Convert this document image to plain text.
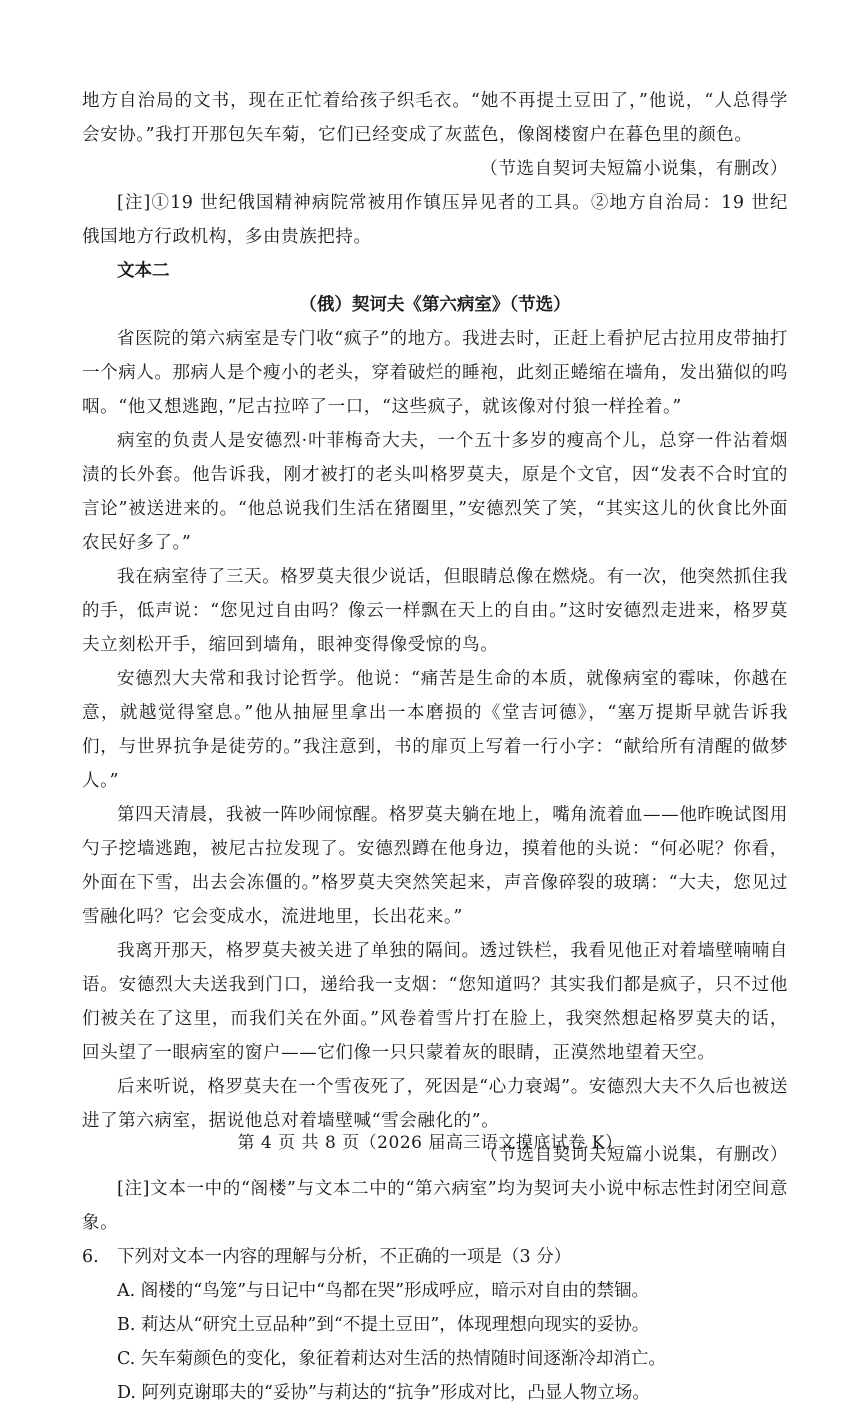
地方自治局的文书，现在正忙着给孩子织毛衣。“她不再提土豆田了，”他说，“人总得学会安协。”我打开那包矢车菊，它们已经变成了灰蓝色，像阁楼窗户在暮色里的颜色。

（节选自契诃夫短篇小说集，有删改）

[注]①19 世纪俄国精神病院常被用作镇压异见者的工具。②地方自治局：19 世纪俄国地方行政机构，多由贵族把持。

文本二

（俄）契诃夫《第六病室》（节选）

省医院的第六病室是专门收“疯子”的地方。我进去时，正赶上看护尼古拉用皮带抽打一个病人。那病人是个瘦小的老头，穿着破烂的睡袍，此刻正蜷缩在墙角，发出猫似的呜咽。“他又想逃跑，”尼古拉啐了一口，“这些疯子，就该像对付狼一样拴着。”

病室的负责人是安德烈·叶菲梅奇大夫，一个五十多岁的瘦高个儿，总穿一件沾着烟渍的长外套。他告诉我，刚才被打的老头叫格罗莫夫，原是个文官，因“发表不合时宜的言论”被送进来的。“他总说我们生活在猪圈里，”安德烈笑了笑，“其实这儿的伙食比外面农民好多了。”

我在病室待了三天。格罗莫夫很少说话，但眼睛总像在燃烧。有一次，他突然抓住我的手，低声说：“您见过自由吗？像云一样飘在天上的自由。”这时安德烈走进来，格罗莫夫立刻松开手，缩回到墙角，眼神变得像受惊的鸟。

安德烈大夫常和我讨论哲学。他说：“痛苦是生命的本质，就像病室的霉味，你越在意，就越觉得窒息。”他从抽屉里拿出一本磨损的《堂吉诃德》，“塞万提斯早就告诉我们，与世界抗争是徒劳的。”我注意到，书的扉页上写着一行小字：“献给所有清醒的做梦人。”

第四天清晨，我被一阵吵闹惊醒。格罗莫夫躺在地上，嘴角流着血——他昨晚试图用勺子挖墙逃跑，被尼古拉发现了。安德烈蹲在他身边，摸着他的头说：“何必呢？你看，外面在下雪，出去会冻僵的。”格罗莫夫突然笑起来，声音像碎裂的玻璃：“大夫，您见过雪融化吗？它会变成水，流进地里，长出花来。”

我离开那天，格罗莫夫被关进了单独的隔间。透过铁栏，我看见他正对着墙壁喃喃自语。安德烈大夫送我到门口，递给我一支烟：“您知道吗？其实我们都是疯子，只不过他们被关在了这里，而我们关在外面。”风卷着雪片打在脸上，我突然想起格罗莫夫的话，回头望了一眼病室的窗户——它们像一只只蒙着灰的眼睛，正漠然地望着天空。

后来听说，格罗莫夫在一个雪夜死了，死因是“心力衰竭”。安德烈大夫不久后也被送进了第六病室，据说他总对着墙壁喊“雪会融化的”。

（节选自契诃夫短篇小说集，有删改）

[注]文本一中的“阁楼”与文本二中的“第六病室”均为契诃夫小说中标志性封闭空间意象。

6. 下列对文本一内容的理解与分析，不正确的一项是（3 分）

A. 阁楼的“鸟笼”与日记中“鸟都在哭”形成呼应，暗示对自由的禁锢。

B. 莉达从“研究土豆品种”到“不提土豆田”，体现理想向现实的妥协。

C. 矢车菊颜色的变化，象征着莉达对生活的热情随时间逐渐冷却消亡。

D. 阿列克谢耶夫的“妥协”与莉达的“抗争”形成对比，凸显人物立场。

第 4 页 共 8 页（2026 届高三语文摸底试卷 K）
